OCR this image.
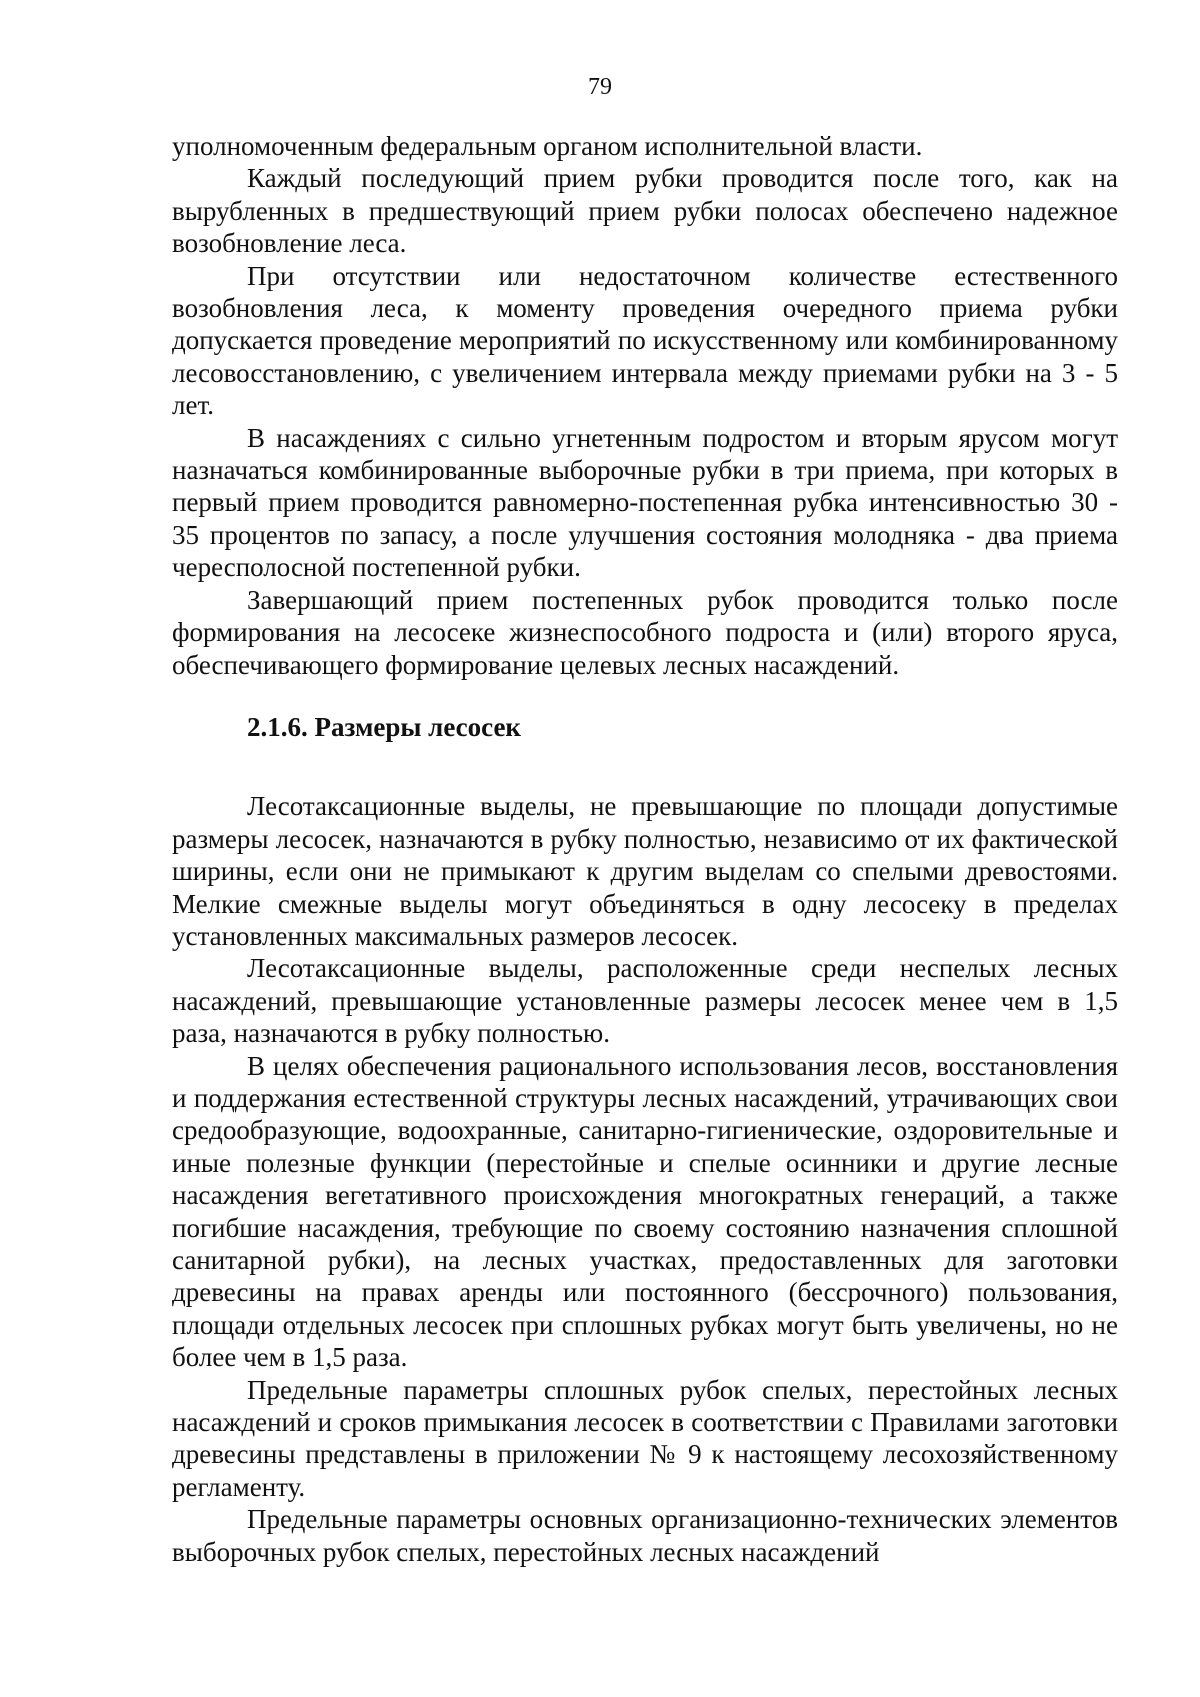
79

уполномоченным федеральным органом исполнительной власти.

Каждый последующий прием рубки проводится после того, как на вырубленных в предшествующий прием рубки полосах обеспечено надежное возобновление леса.

При отсутствии или недостаточном количестве естественного возобновления леса, к моменту проведения очередного приема рубки допускается проведение мероприятий по искусственному или комбинированному лесовосстановлению, с увеличением интервала между приемами рубки на 3 - 5 лет.

В насаждениях с сильно угнетенным подростом и вторым ярусом могут назначаться комбинированные выборочные рубки в три приема, при которых в первый прием проводится равномерно-постепенная рубка интенсивностью 30 - 35 процентов по запасу, а после улучшения состояния молодняка - два приема чересполосной постепенной рубки.

Завершающий прием постепенных рубок проводится только после формирования на лесосеке жизнеспособного подроста и (или) второго яруса, обеспечивающего формирование целевых лесных насаждений.

2.1.6. Размеры лесосек

Лесотаксационные выделы, не превышающие по площади допустимые размеры лесосек, назначаются в рубку полностью, независимо от их фактической ширины, если они не примыкают к другим выделам со спелыми древостоями. Мелкие смежные выделы могут объединяться в одну лесосеку в пределах установленных максимальных размеров лесосек.

Лесотаксационные выделы, расположенные среди неспелых лесных насаждений, превышающие установленные размеры лесосек менее чем в 1,5 раза, назначаются в рубку полностью.

В целях обеспечения рационального использования лесов, восстановления и поддержания естественной структуры лесных насаждений, утрачивающих свои средообразующие, водоохранные, санитарно-гигиенические, оздоровительные и иные полезные функции (перестойные и спелые осинники и другие лесные насаждения вегетативного происхождения многократных генераций, а также погибшие насаждения, требующие по своему состоянию назначения сплошной санитарной рубки), на лесных участках, предоставленных для заготовки древесины на правах аренды или постоянного (бессрочного) пользования, площади отдельных лесосек при сплошных рубках могут быть увеличены, но не более чем в 1,5 раза.

Предельные параметры сплошных рубок спелых, перестойных лесных насаждений и сроков примыкания лесосек в соответствии с Правилами заготовки древесины представлены в приложении № 9 к настоящему лесохозяйственному регламенту.

Предельные параметры основных организационно-технических элементов выборочных рубок спелых, перестойных лесных насаждений
